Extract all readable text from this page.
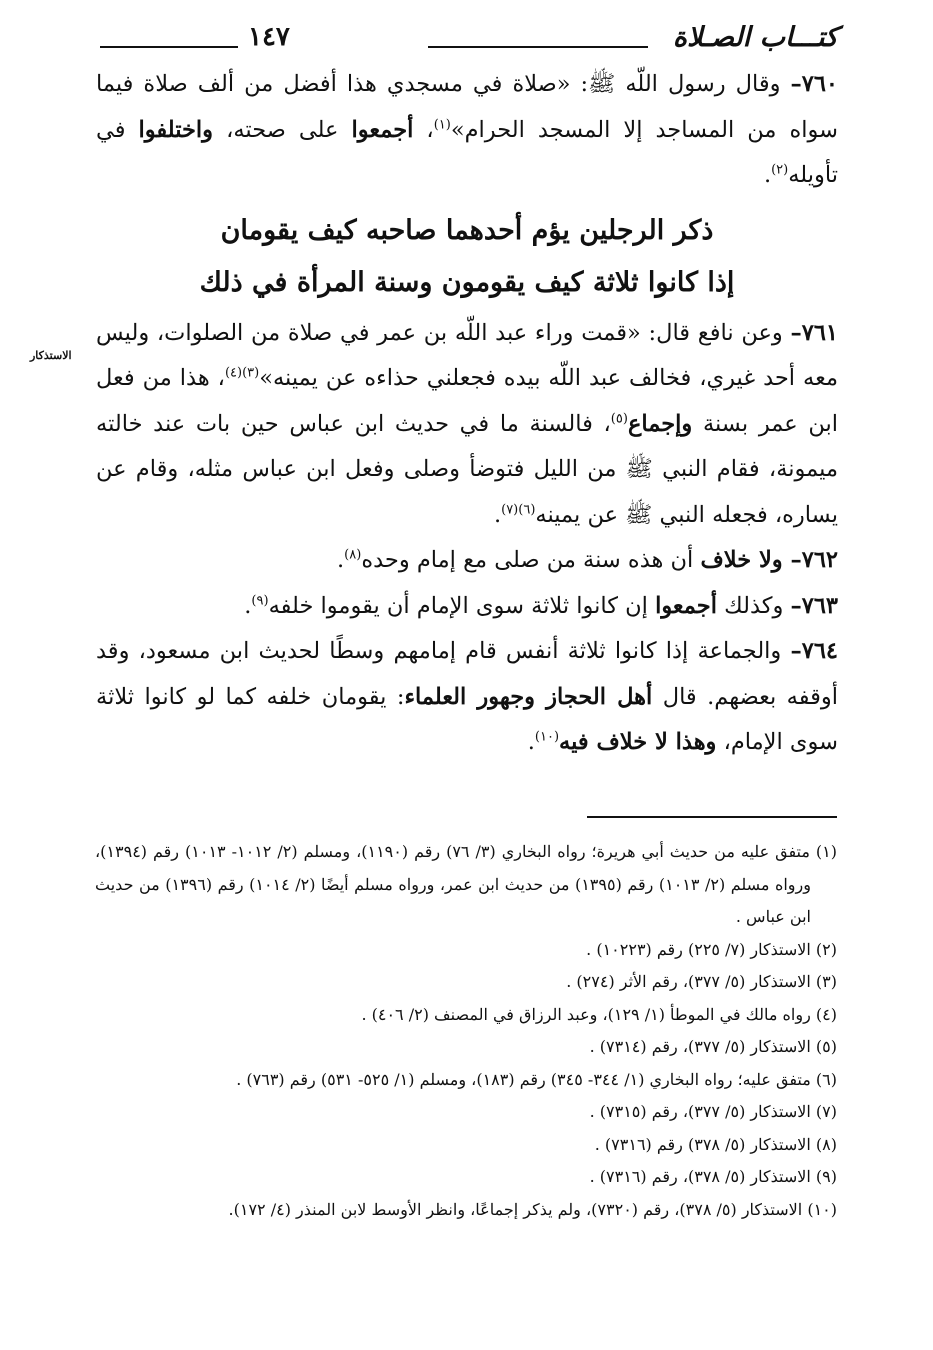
كتـــاب الصـلاة
١٤٧

٧٦٠– وقال رسول اللّه ﷺ: «صلاة في مسجدي هذا أفضل من ألف صلاة فيما سواه من المساجد إلا المسجد الحرام»$^{(١)}$، أجمعوا على صحته، واختلفوا في تأويله$^{(٢)}$.

ذكر الرجلين يؤم أحدهما صاحبه كيف يقومان
إذا كانوا ثلاثة كيف يقومون وسنة المرأة في ذلك

٧٦١– وعن نافع قال: «قمت وراء عبد اللّه بن عمر في صلاة من الصلوات، وليس معه أحد غيري، فخالف عبد اللّه بيده فجعلني حذاءه عن يمينه»$^{(٣)(٤)}$، هذا من فعل ابن عمر بسنة وإجماع$^{(٥)}$، فالسنة ما في حديث ابن عباس حين بات عند خالته ميمونة، فقام النبي ﷺ من الليل فتوضأ وصلى وفعل ابن عباس مثله، وقام عن يساره، فجعله النبي ﷺ عن يمينه$^{(٦)(٧)}$.

٧٦٢– ولا خلاف أن هذه سنة من صلى مع إمام وحده$^{(٨)}$.

٧٦٣– وكذلك أجمعوا إن كانوا ثلاثة سوى الإمام أن يقوموا خلفه$^{(٩)}$.

٧٦٤– والجماعة إذا كانوا ثلاثة أنفس قام إمامهم وسطًا لحديث ابن مسعود، وقد أوقفه بعضهم. قال أهل الحجاز وجهور العلماء: يقومان خلفه كما لو كانوا ثلاثة سوى الإمام، وهذا لا خلاف فيه$^{(١٠)}$.

الاستذكار

(١) متفق عليه من حديث أبي هريرة؛ رواه البخاري (٣/ ٧٦) رقم (١١٩٠)، ومسلم (٢/ ١٠١٢- ١٠١٣) رقم (١٣٩٤)، ورواه مسلم (٢/ ١٠١٣) رقم (١٣٩٥) من حديث ابن عمر، ورواه مسلم أيضًا (٢/ ١٠١٤) رقم (١٣٩٦) من حديث ابن عباس .

(٢) الاستذكار (٧/ ٢٢٥) رقم (١٠٢٢٣) .

(٣) الاستذكار (٥/ ٣٧٧)، رقم الأثر (٢٧٤) .

(٤) رواه مالك في الموطأ (١/ ١٢٩)، وعبد الرزاق في المصنف (٢/ ٤٠٦) .

(٥) الاستذكار (٥/ ٣٧٧)، رقم (٧٣١٤) .

(٦) متفق عليه؛ رواه البخاري (١/ ٣٤٤- ٣٤٥) رقم (١٨٣)، ومسلم (١/ ٥٢٥- ٥٣١) رقم (٧٦٣) .

(٧) الاستذكار (٥/ ٣٧٧)، رقم (٧٣١٥) .

(٨) الاستذكار (٥/ ٣٧٨) رقم (٧٣١٦) .

(٩) الاستذكار (٥/ ٣٧٨)، رقم (٧٣١٦) .

(١٠) الاستذكار (٥/ ٣٧٨)، رقم (٧٣٢٠)، ولم يذكر إجماعًا، وانظر الأوسط لابن المنذر (٤/ ١٧٢).
